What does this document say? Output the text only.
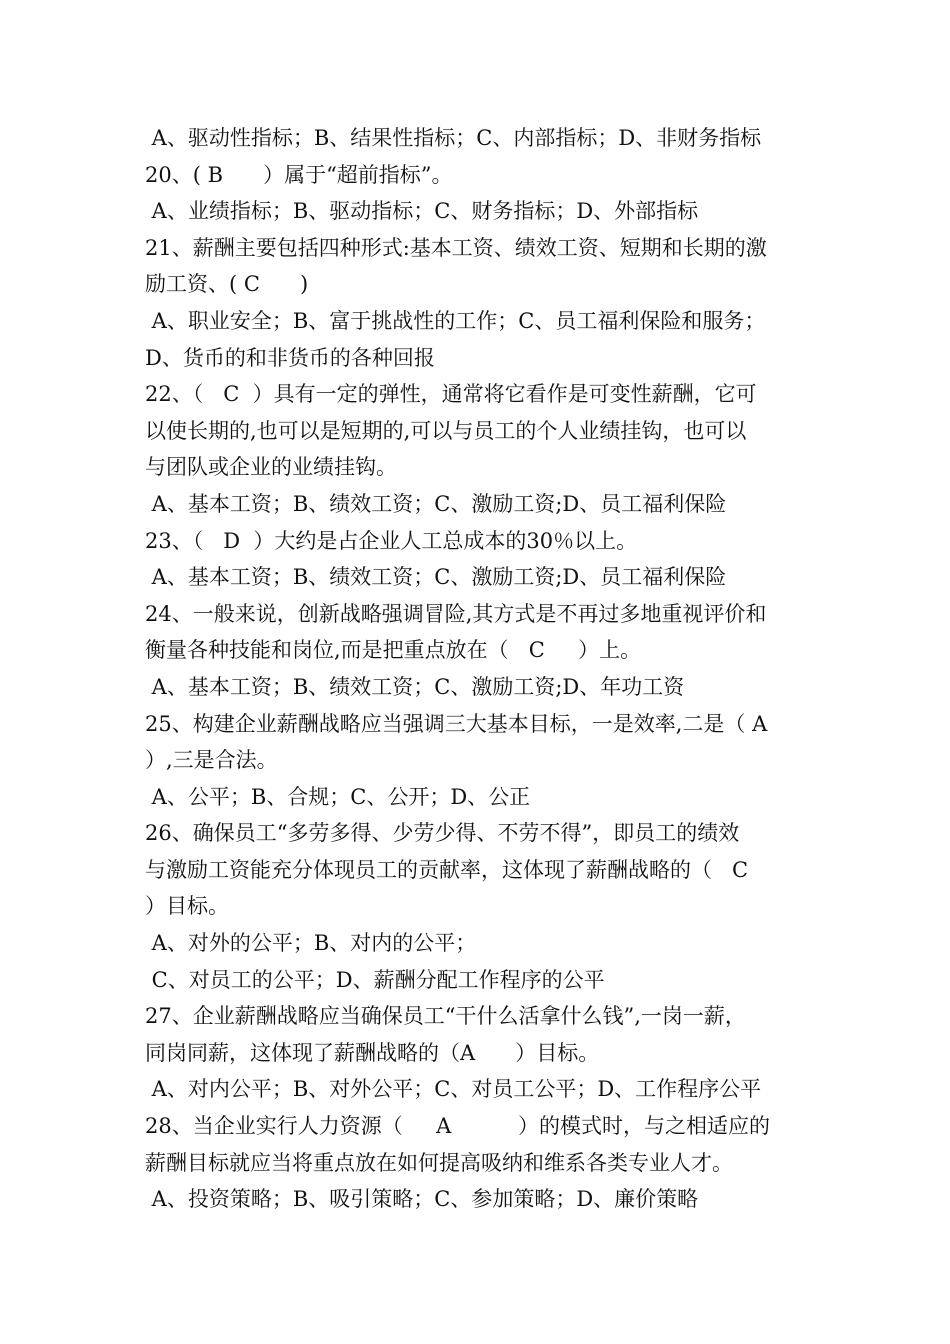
A、驱动性指标；B、结果性指标；C、内部指标；D、非财务指标
20、( B      ）属于“超前指标”。
A、业绩指标；B、驱动指标；C、财务指标；D、外部指标
21、薪酬主要包括四种形式:基本工资、绩效工资、短期和长期的激
励工资、( C      )
A、职业安全；B、富于挑战性的工作；C、员工福利保险和服务；
D、货币的和非货币的各种回报
22、（   C  ）具有一定的弹性，通常将它看作是可变性薪酬，它可
以使长期的,也可以是短期的,可以与员工的个人业绩挂钩，也可以
与团队或企业的业绩挂钩。
A、基本工资；B、绩效工资；C、激励工资;D、员工福利保险
23、（   D  ）大约是占企业人工总成本的30％以上。
A、基本工资；B、绩效工资；C、激励工资;D、员工福利保险
24、一般来说，创新战略强调冒险,其方式是不再过多地重视评价和
衡量各种技能和岗位,而是把重点放在（   C     ）上。
A、基本工资；B、绩效工资；C、激励工资;D、年功工资
25、构建企业薪酬战略应当强调三大基本目标，一是效率,二是（ A
）,三是合法。
A、公平；B、合规；C、公开；D、公正
26、确保员工“多劳多得、少劳少得、不劳不得”，即员工的绩效
与激励工资能充分体现员工的贡献率，这体现了薪酬战略的（   C
）目标。
A、对外的公平；B、对内的公平；
C、对员工的公平；D、薪酬分配工作程序的公平
27、企业薪酬战略应当确保员工“干什么活拿什么钱”,一岗一薪，
同岗同薪，这体现了薪酬战略的（A      ）目标。
A、对内公平；B、对外公平；C、对员工公平；D、工作程序公平
28、当企业实行人力资源（     A          ）的模式时，与之相适应的
薪酬目标就应当将重点放在如何提高吸纳和维系各类专业人才。
A、投资策略；B、吸引策略；C、参加策略；D、廉价策略
